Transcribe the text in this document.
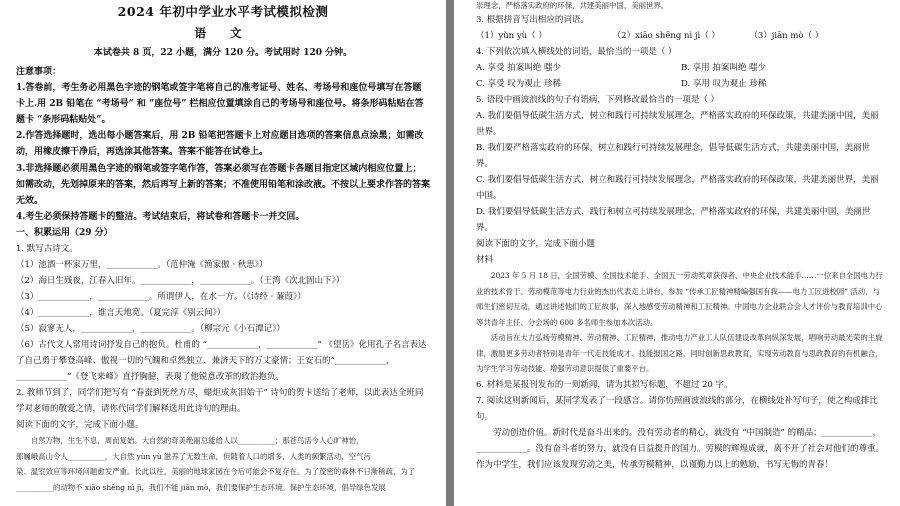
2024 年初中学业水平考试模拟检测
语 文
本试卷共 8 页，22 小题，满分 120 分。考试用时 120 分钟。

注意事项：

1.答卷前，考生务必用黑色字迹的钢笔或签字笔将自己的准考证号、姓名、考场号和座位号填写在答题卡上.用 2B 铅笔在 “考场号” 和 “座位号” 栏相应位置填涂自己的考场号和座位号。将条形码粘贴在答题卡 “条形码粘贴处”。

2.作答选择题时，选出每小题答案后，用 2B 铅笔把答题卡上对应题目选项的答案信息点涂黑；如需改动，用橡皮擦干净后，再选涂其他答案。答案不能答在试卷上。

3.非选择题必须用黑色字迹的钢笔或签字笔作答，答案必须写在答题卡各题目指定区域内相应位置上；如需改动，先划掉原来的答案，然后再写上新的答案；不准使用铅笔和涂改液。不按以上要求作答的答案无效。

4.考生必须保持答题卡的整洁。考试结束后，将试卷和答题卡一并交回。

一、积累运用（29 分）

1. 默写古诗文。

（1）池酒一杯家万里，____________。（范仲淹《渔家傲 · 秋思》）

（2）海日生残夜，江春入旧年。____________，____________。（王湾《次北固山下》）

（3）____________，____________。所谓伊人，在水一方。（《诗经 · 蒹葭》）

（4）____________，谁言天地宽。（夏完淳《别云间》）

（5）寂寥无人，____________，____________。（柳宗元《小石潭记》）

（6）古代文人常用诗词抒发自己的抱负。杜甫的 “____________，____________” 《望岳》化用孔子名言表达了自己勇于攀登高峰、傲视一切的气魄和卓然独立、兼济天下的万丈豪情；王安石的“____________，____________”《登飞来峰》直抒胸臆，表现了他锐意改革的政治抱负。

2. 教师节到了，同学们把写有 “春蚕到死丝方尽，蜡炬成灰泪始干” 诗句的贺卡送给了老师，以此表达全班同学对老师的敬爱之情，请你代同学们解释选用此诗句的理由。

阅读下面的文字，完成下面小题。

自然万物，生生不息，周而复始。大自然的奇美绝丽总能给人以__________；那苍鸟活今人心旷神怡，

那巍峨高山令人__________，大自然 yùn yù 滋养了无数生命，但随着人口的增多，人类的频繁活动，空气污

染、温室效应等环境问题愈发严重。长此以往，美丽的地球家园在今后可能会不复存在。为了茂密的森林不日渐稀疏，为了

__________的动物不 xiāo shēng nì jì，我们不能 jiān mò，我们要保护生态环境。保护生态环境，倡导绿色发展

崇理念，严格落实政府的环保，共建美丽中国，美丽世界。

3. 根据拼音写出相应的词语。

（1）yùn yù（ ）	（2）xiāo shēng nì jì（ ）	（3）jiān mò（ ）

4. 下列依次填入横线处的词语，最恰当的一项是（ ）

A. 享受 拍案叫绝 嗤少	B. 享用 拍案叫绝 嗤少
C. 享受 叹为观止 珍稀	D. 享用 叹为观止 珍稀

5. 语段中画波浪线的句子有语病，下列修改最恰当的一项是（ ）

A. 我们要倡导低碳生活方式，树立和践行可持续发展理念，严格落实政府的环保政策，共建美丽中国，美丽世界。

B. 我们要严格落实政府的环保，树立和践行可持续发展理念，倡导低碳生活方式，共建美丽中国，美丽世界。

C. 我们要倡导低碳生活方式，树立和践行可持续发展理念，严格落实政府的环保政策，共建美丽世界，美丽中国。

D. 我们要倡导低碳生活方式，践行和树立可持续发展理念，严格落实政府的环保，共建美丽中国，美丽世界。

阅读下面的文字，完成下面小题

材料

2023 年 5 月 18 日，全国劳模、全国技术能手、全国五一劳动奖章获得者、中央企业技术能手……一位来自全国电力行业的技术骨干、劳动模范等电力行业的杰出代表走上讲台，参加 “传承工匠精神精编强国有我——电力工匠进校园” 活动，与师生们密切互动，通过讲述他们的工匠故事，深入地感受劳动精神和工匠精神。中国电力企业联合会人才评价与教育培训中心等共青年主任、分会场的 600 多名师生参加本次活动。

活动旨在大力弘扬劳模精神、劳动精神、工匠精神，推动电力产业工人队伍建设改革向纵深发展，唱响劳动最光荣的主旋律，激励更多劳动者特别是青年一代走技能成才、技能报国之路，同时创新思政教育，实现劳动教育与思政教育的有机融合，为学生学习劳动技能、增强劳动意识提供了重要平台。

6. 材料是某报刊发布的一则新闻，请为其拟写标题，不超过 20 字。

7. 阅读这则新闻后，某同学发表了一段感言。请你仿照画波浪线的部分，在横线处补写句子，使之构成排比句。

劳动创造价值。新时代是奋斗出来的。没有劳动者的精心，就没有 “中国制造” 的精品；____________，____________。没有奋斗者的努力，就没有日益提升的国力。劳模的辉煌成就，离不开了社会对他们的尊重。作为中学生，我们应该发现劳动之美，传承劳模精神，以谨勤力以上的勉励，书写无悔的青春！
